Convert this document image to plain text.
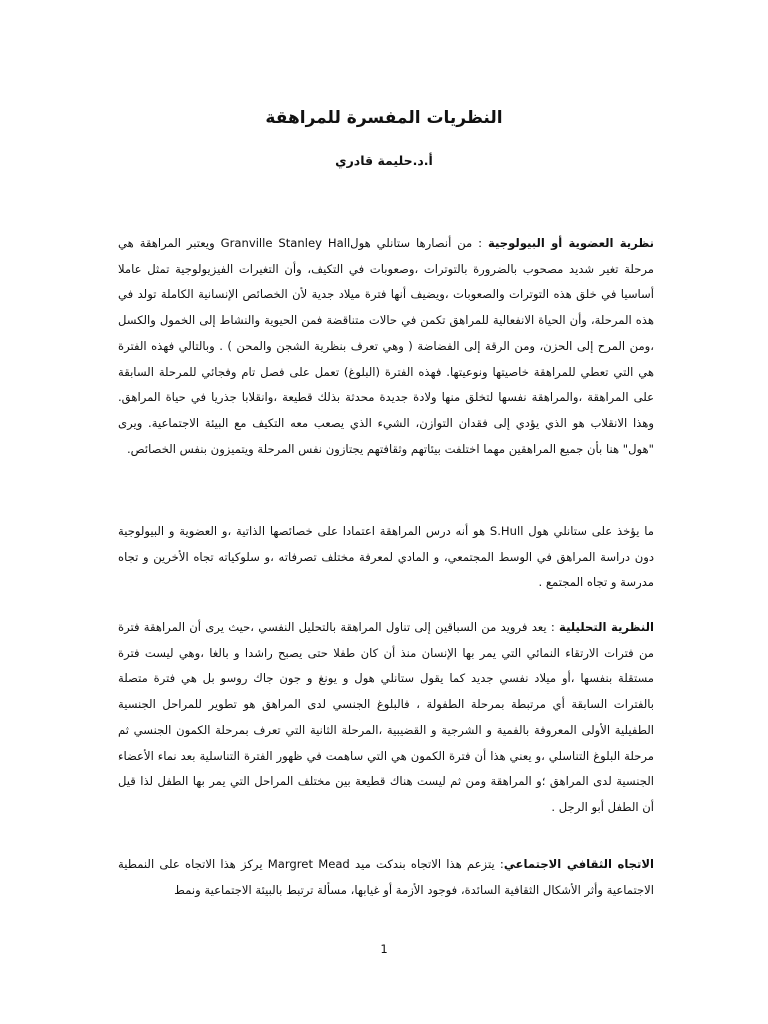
النظريات المفسرة للمراهقة

أ.د.حليمة قادري

نظرية العضوية أو البيولوجية : من أنصارها ستانلي هولGranville Stanley Hall ويعتبر المراهقة هي مرحلة تغير شديد مصحوب بالضرورة بالتوترات ،وصعوبات في التكيف، وأن التغيرات الفيزيولوجية تمثل عاملا أساسيا في خلق هذه التوترات والصعوبات ،ويضيف أنها فترة ميلاد جدية لأن الخصائص الإنسانية الكاملة تولد في هذه المرحلة، وأن الحياة الانفعالية للمراهق تكمن في حالات متناقضة فمن الحيوية والنشاط إلى الخمول والكسل ،ومن المرح إلى الحزن، ومن الرقة إلى الفضاضة ( وهي تعرف بنظرية الشجن والمحن ) . وبالتالي فهذه الفترة هي التي تعطي للمراهقة خاصيتها ونوعيتها. فهذه الفترة (البلوغ) تعمل على فصل تام وفجائي للمرحلة السابقة على المراهقة ،والمراهقة نفسها لتخلق منها ولادة جديدة محدثة بذلك قطيعة ،وانقلابا جذريا في حياة المراهق. وهذا الانقلاب هو الذي يؤدي إلى فقدان التوازن، الشيء الذي يصعب معه التكيف مع البيئة الاجتماعية. ويرى "هول" هنا بأن جميع المراهقين مهما اختلفت بيئاتهم وثقافتهم يجتازون نفس المرحلة ويتميزون بنفس الخصائص.

ما يؤخذ على ستانلي هول S.Hull هو أنه درس المراهقة اعتمادا على خصائصها الذاتية ،و العضوية و البيولوجية دون دراسة المراهق في الوسط المجتمعي، و المادي لمعرفة مختلف تصرفاته ،و سلوكياته تجاه الأخرين و تجاه مدرسة و تجاه المجتمع .

النظرية التحليلية : يعد فرويد من السباقين إلى تناول المراهقة بالتحليل النفسي ،حيث يرى أن المراهقة فترة من فترات الارتقاء النمائي التي يمر بها الإنسان منذ أن كان طفلا حتى يصبح راشدا و بالغا ،وهي ليست فترة مستقلة بنفسها ،أو ميلاد نفسي جديد كما يقول ستانلي هول و يونغ و جون جاك روسو بل هي فترة متصلة بالفترات السابقة أي مرتبطة بمرحلة الطفولة ، فالبلوغ الجنسي لدى المراهق هو تطوير للمراحل الجنسية الطفيلية الأولى المعروفة بالفمية و الشرجية و القضيبية ،المرحلة الثانية التي تعرف بمرحلة الكمون الجنسي ثم مرحلة البلوغ التناسلي ،و يعني هذا أن فترة الكمون هي التي ساهمت في ظهور الفترة التناسلية بعد نماء الأعضاء الجنسية لدى المراهق ؛و المراهقة ومن ثم ليست هناك قطيعة بين مختلف المراحل التي يمر بها الطفل لذا قيل أن الطفل أبو الرجل .

الاتجاه الثقافي الاجتماعي: يتزعم هذا الاتجاه بندكت ميد Margret Mead يركز هذا الاتجاه على النمطية الاجتماعية وأثر الأشكال الثقافية السائدة، فوجود الأزمة أو غيابها، مسألة ترتبط بالبيئة الاجتماعية ونمط

1
